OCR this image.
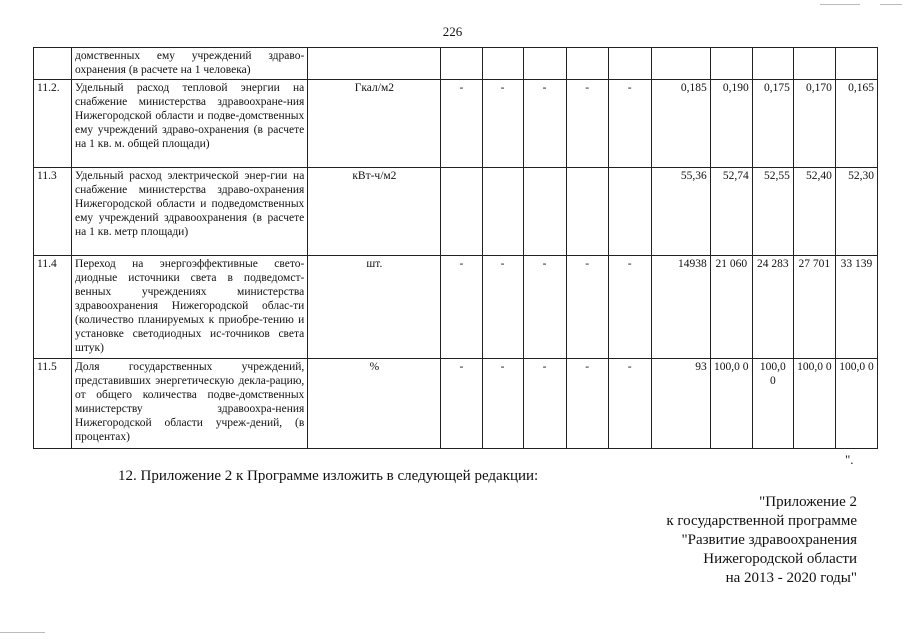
226
	домственных ему учреждений здраво-охранения (в расчете на 1 человека)											
11.2.	Удельный расход тепловой энергии на снабжение министерства здравоохране-ния Нижегородской области и подве-домственных ему учреждений здраво-охранения (в расчете на 1 кв. м. общей площади)	Гкал/м2	-	-	-	-	-	0,185	0,190	0,175	0,170	0,165
11.3	Удельный расход электрической энер-гии на снабжение министерства здраво-охранения Нижегородской области и подведомственных ему учреждений здравоохранения (в расчете на 1 кв. метр площади)	кВт-ч/м2						55,36	52,74	52,55	52,40	52,30
11.4	Переход на энергоэффективные свето-диодные источники света в подведомст-венных учреждениях министерства здравоохранения Нижегородской облас-ти (количество планируемых к приобре-тению и установке светодиодных ис-точников света штук)	шт.	-	-	-	-	-	14938	21 060	24 283	27 701	33 139
11.5	Доля государственных учреждений, представивших энергетическую декла-рацию, от общего количества подве-домственных министерству здравоохра-нения Нижегородской области учреж-дений, (в процентах)	%	-	-	-	-	-	93	100,0 0	100,0 0	100,0 0	100,0 0
".
12. Приложение 2 к Программе изложить в следующей редакции:
"Приложение 2
к государственной программе
"Развитие здравоохранения
Нижегородской области
на 2013 - 2020 годы"
